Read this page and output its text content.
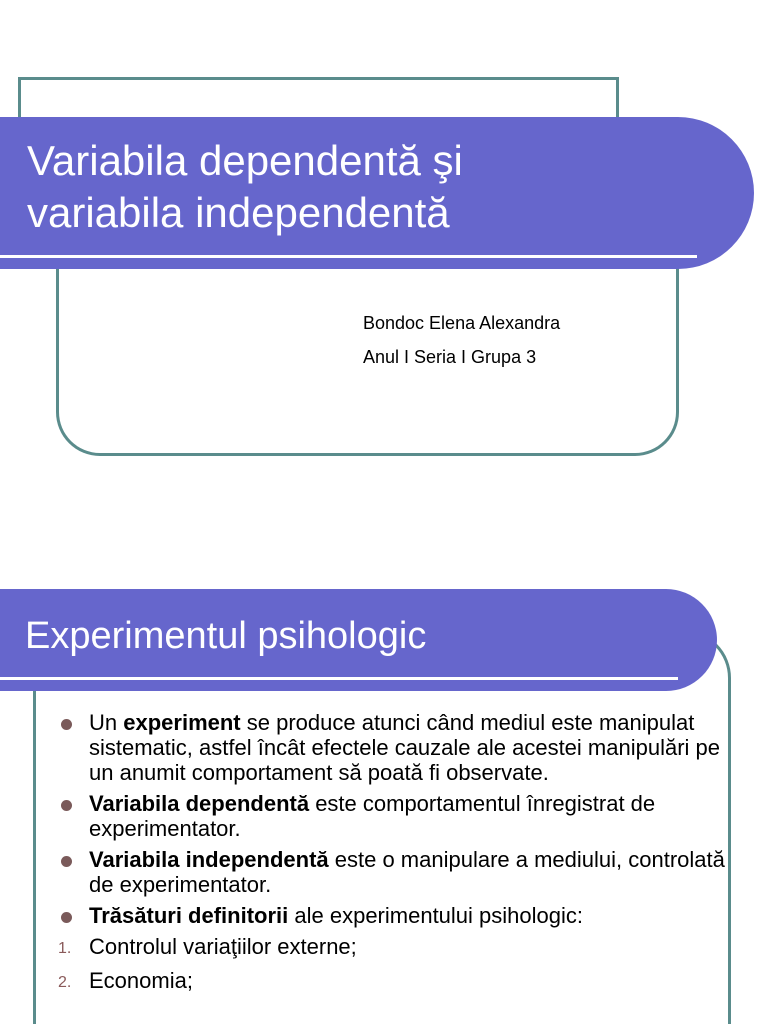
Variabila dependentă şi
variabila independentă
Bondoc Elena Alexandra
Anul I Seria I Grupa 3
Experimentul psihologic
Un experiment se produce atunci când mediul este manipulat sistematic, astfel încât efectele cauzale ale acestei manipulări pe un anumit comportament să poată fi observate.
Variabila dependentă este comportamentul înregistrat de experimentator.
Variabila independentă este o manipulare a mediului, controlată de experimentator.
Trăsături definitorii ale experimentului psihologic:
1. Controlul variaţiilor externe;
2. Economia;
